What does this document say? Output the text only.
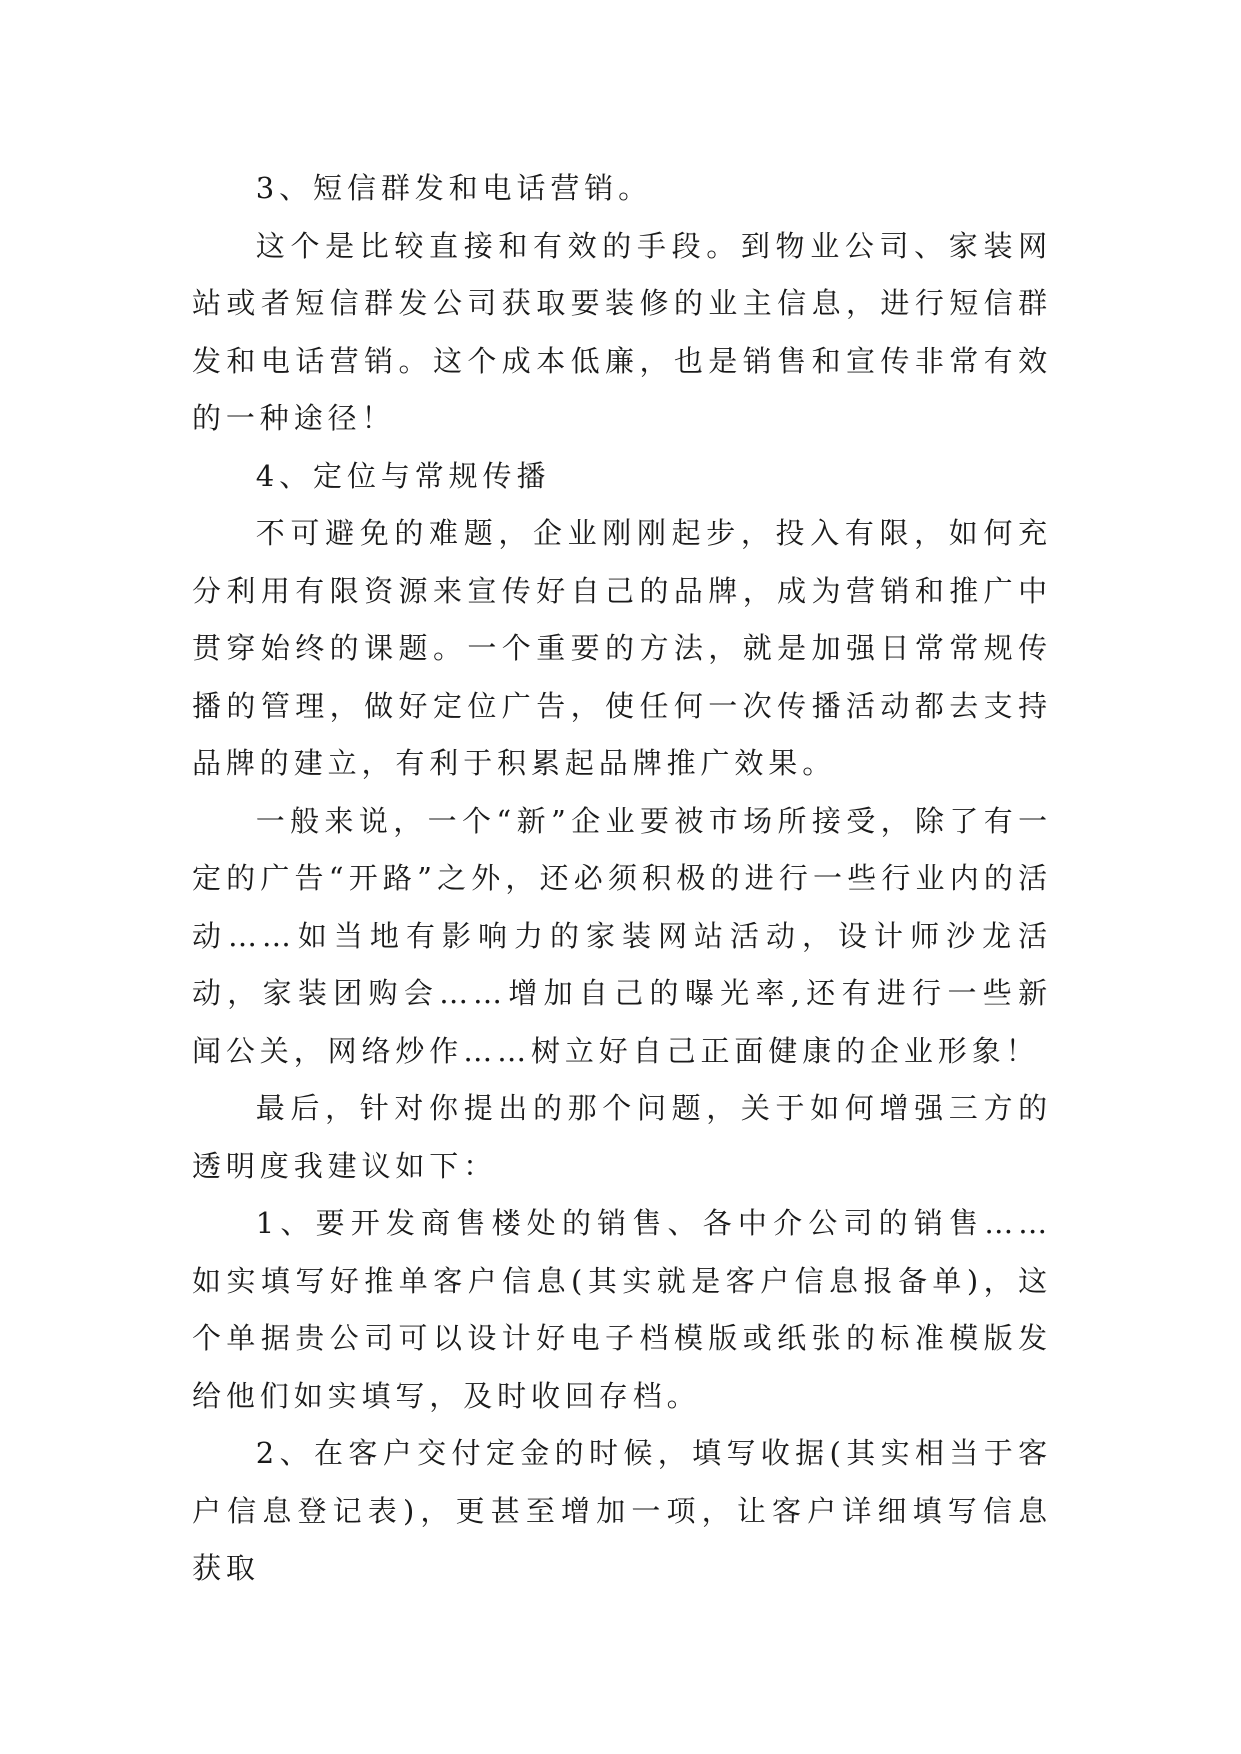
3、短信群发和电话营销。

这个是比较直接和有效的手段。到物业公司、家装网站或者短信群发公司获取要装修的业主信息，进行短信群发和电话营销。这个成本低廉，也是销售和宣传非常有效的一种途径！

4、定位与常规传播

不可避免的难题，企业刚刚起步，投入有限，如何充分利用有限资源来宣传好自己的品牌，成为营销和推广中贯穿始终的课题。一个重要的方法，就是加强日常常规传播的管理，做好定位广告，使任何一次传播活动都去支持品牌的建立，有利于积累起品牌推广效果。

一般来说，一个“新”企业要被市场所接受，除了有一定的广告“开路”之外，还必须积极的进行一些行业内的活动……如当地有影响力的家装网站活动，设计师沙龙活动，家装团购会……增加自己的曝光率,还有进行一些新闻公关，网络炒作……树立好自己正面健康的企业形象！

最后，针对你提出的那个问题，关于如何增强三方的透明度我建议如下：

1、要开发商售楼处的销售、各中介公司的销售……如实填写好推单客户信息(其实就是客户信息报备单)，这个单据贵公司可以设计好电子档模版或纸张的标准模版发给他们如实填写，及时收回存档。

2、在客户交付定金的时候，填写收据(其实相当于客户信息登记表)，更甚至增加一项，让客户详细填写信息获取
